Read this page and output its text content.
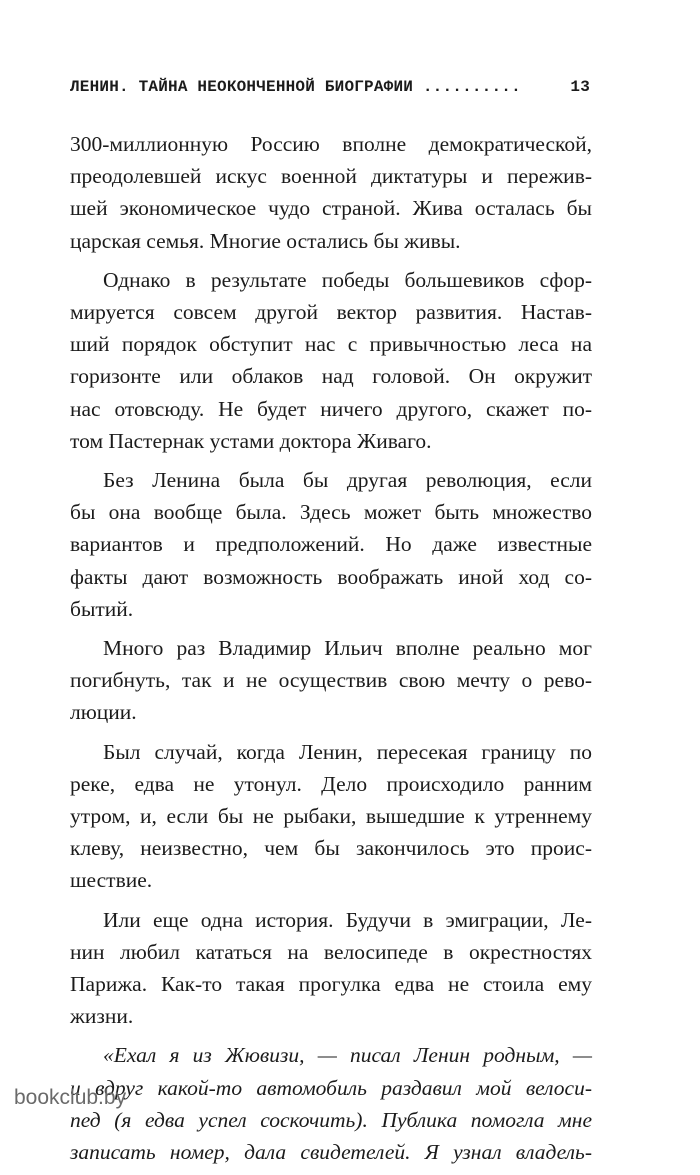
ЛЕНИН. ТАЙНА НЕОКОНЧЕННОЙ БИОГРАФИИ ..........	13
300-миллионную Россию вполне демократической,
преодолевшей искус военной диктатуры и пережив-
шей экономическое чудо страной. Жива осталась бы
царская семья. Многие остались бы живы.
Однако в результате победы большевиков сфор-
мируется совсем другой вектор развития. Настав-
ший порядок обступит нас с привычностью леса на
горизонте или облаков над головой. Он окружит
нас отовсюду. Не будет ничего другого, скажет по-
том Пастернак устами доктора Живаго.
Без Ленина была бы другая революция, если
бы она вообще была. Здесь может быть множество
вариантов и предположений. Но даже известные
факты дают возможность воображать иной ход со-
бытий.
Много раз Владимир Ильич вполне реально мог
погибнуть, так и не осуществив свою мечту о рево-
люции.
Был случай, когда Ленин, пересекая границу по
реке, едва не утонул. Дело происходило ранним
утром, и, если бы не рыбаки, вышедшие к утреннему
клеву, неизвестно, чем бы закончилось это проис-
шествие.
Или еще одна история. Будучи в эмиграции, Ле-
нин любил кататься на велосипеде в окрестностях
Парижа. Как-то такая прогулка едва не стоила ему
жизни.
«Ехал я из Жювизи, — писал Ленин родным, —
и вдруг какой-то автомобиль раздавил мой велоси-
пед (я едва успел соскочить). Публика помогла мне
записать номер, дала свидетелей. Я узнал владель-
bookclub.by
